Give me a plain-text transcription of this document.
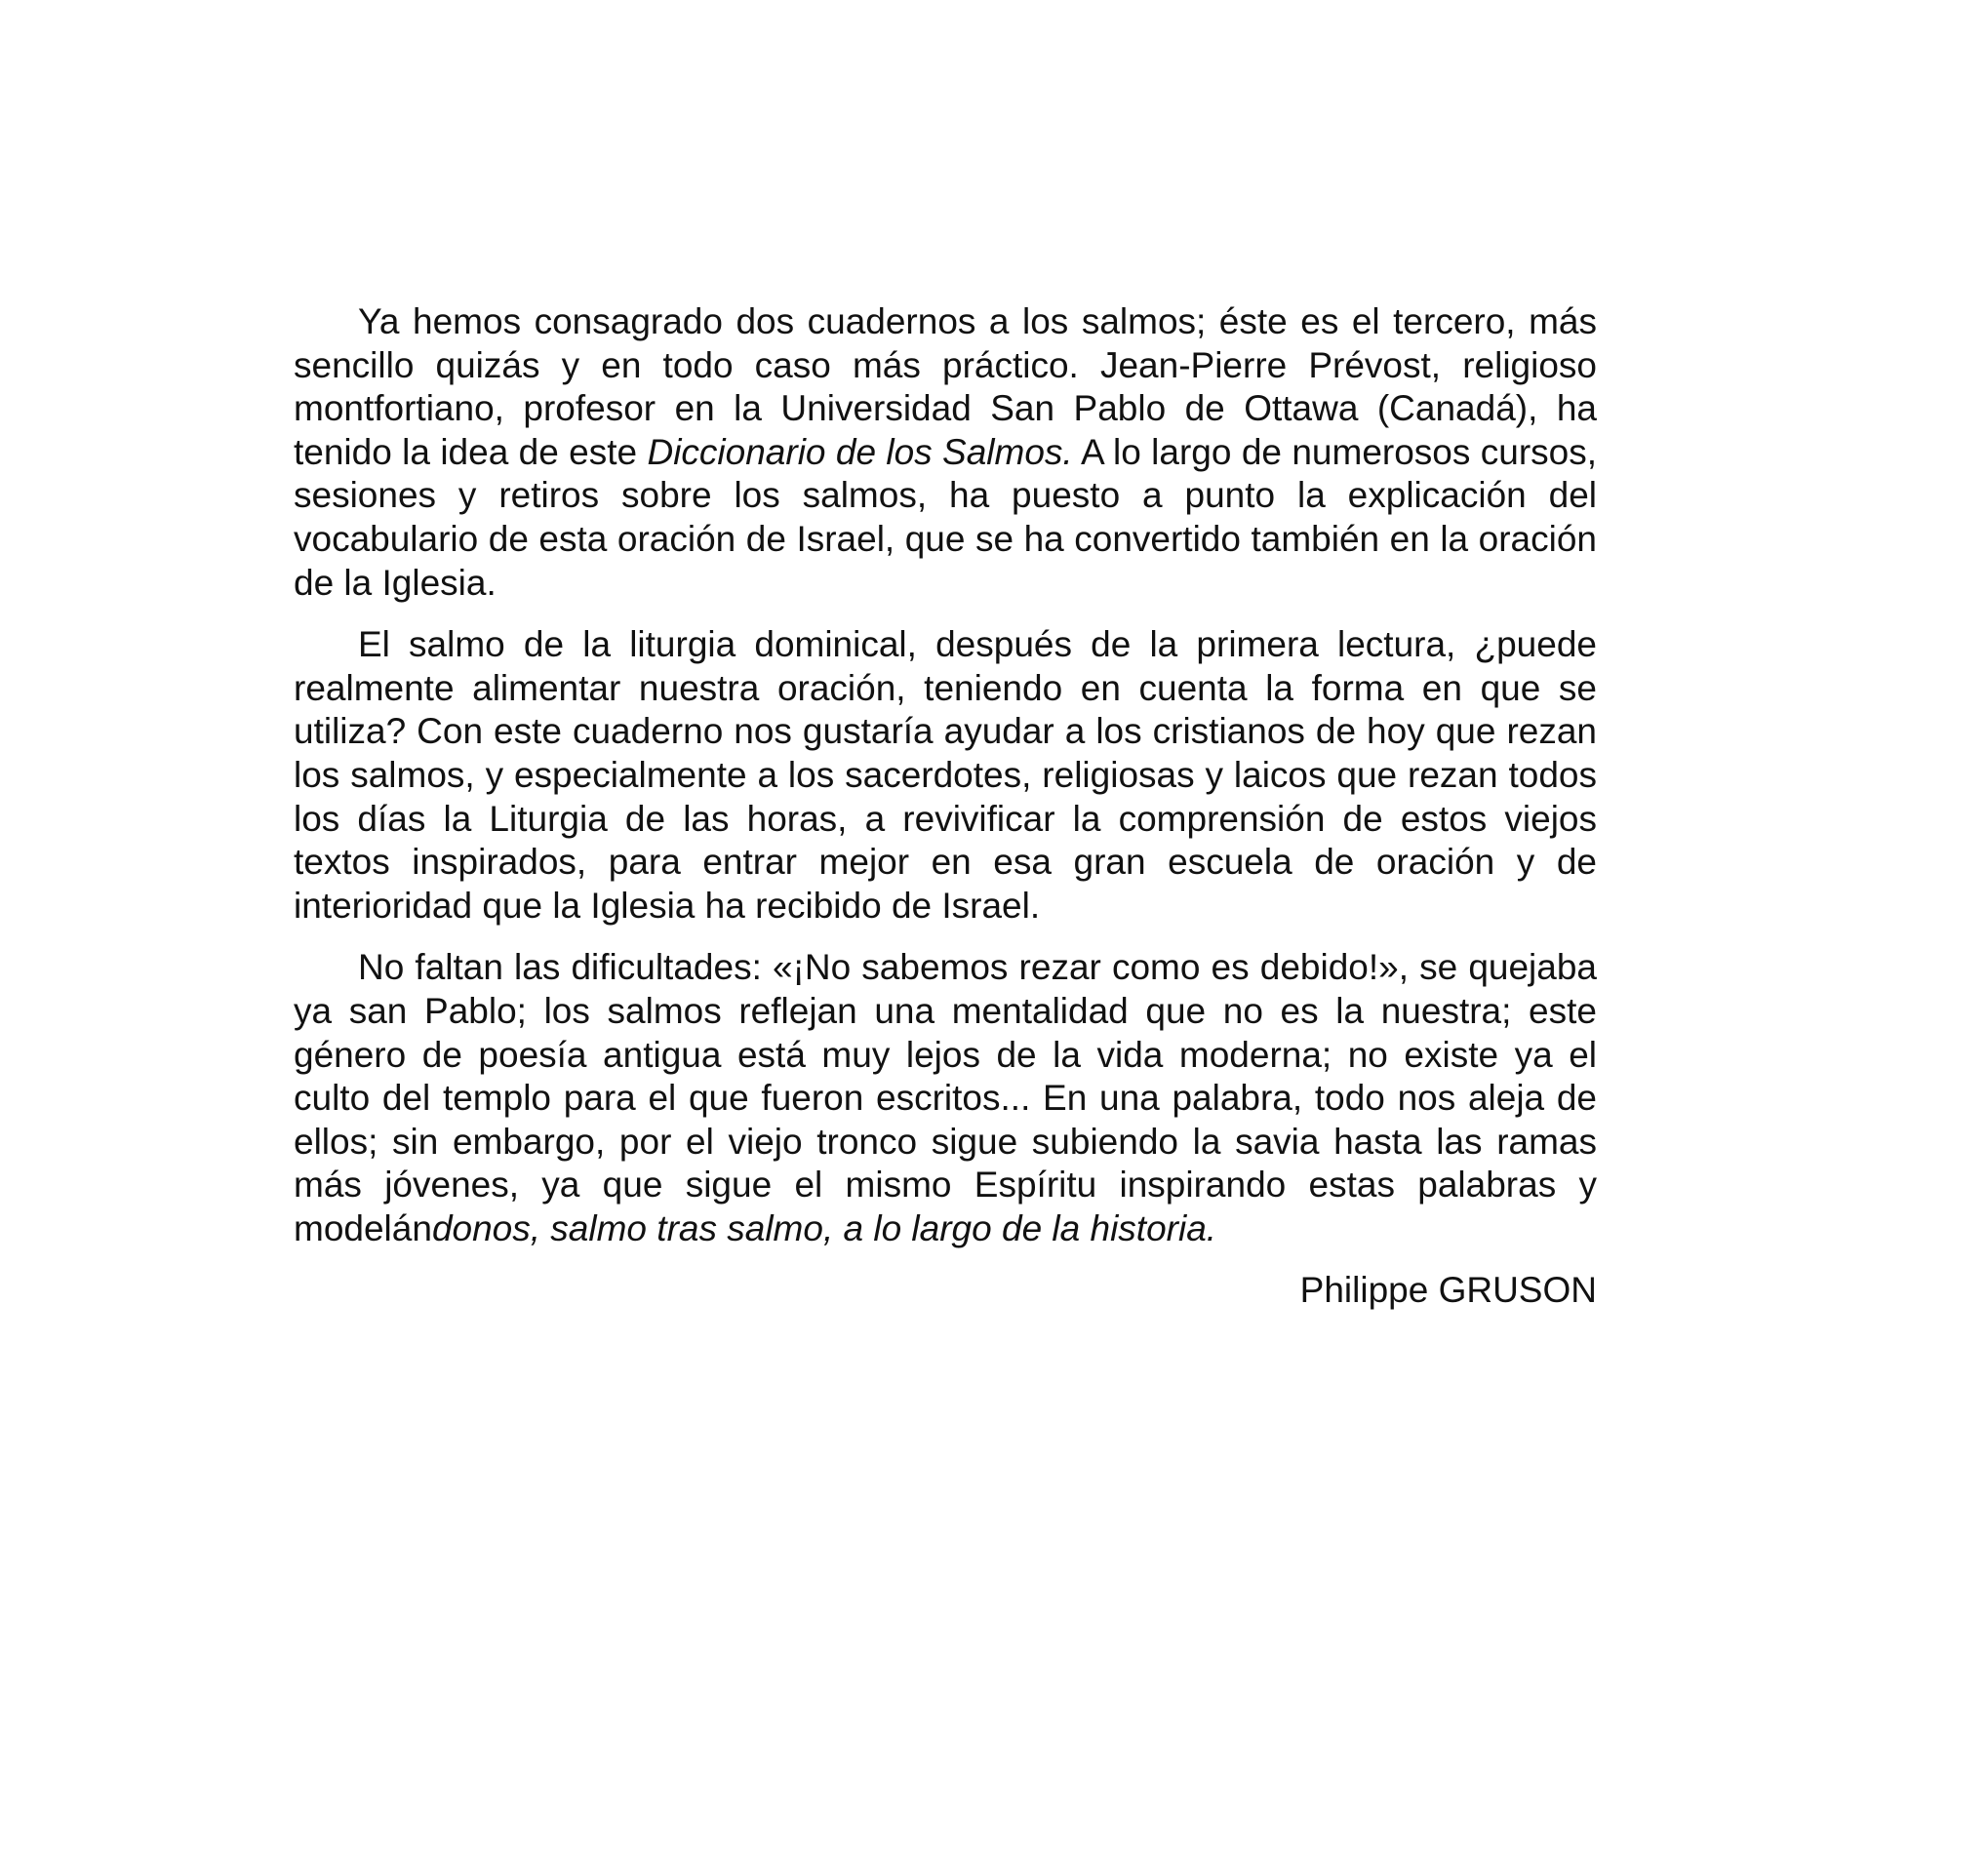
Ya hemos consagrado dos cuadernos a los salmos; éste es el tercero, más sencillo quizás y en todo caso más práctico. Jean-Pierre Prévost, religioso montfortiano, profesor en la Universidad San Pablo de Ottawa (Canadá), ha tenido la idea de este Diccionario de los Salmos. A lo largo de numerosos cursos, sesiones y retiros sobre los salmos, ha puesto a punto la explicación del vocabulario de esta oración de Israel, que se ha convertido también en la oración de la Iglesia.

El salmo de la liturgia dominical, después de la primera lectura, ¿puede realmente alimentar nuestra oración, teniendo en cuenta la forma en que se utiliza? Con este cuaderno nos gustaría ayudar a los cristianos de hoy que rezan los salmos, y especialmente a los sacerdotes, religiosas y laicos que rezan todos los días la Liturgia de las horas, a revivificar la comprensión de estos viejos textos inspirados, para entrar mejor en esa gran escuela de oración y de interioridad que la Iglesia ha recibido de Israel.

No faltan las dificultades: «¡No sabemos rezar como es debido!», se quejaba ya san Pablo; los salmos reflejan una mentalidad que no es la nuestra; este género de poesía antigua está muy lejos de la vida moderna; no existe ya el culto del templo para el que fueron escritos... En una palabra, todo nos aleja de ellos; sin embargo, por el viejo tronco sigue subiendo la savia hasta las ramas más jóvenes, ya que sigue el mismo Espíritu inspirando estas palabras y modelándonos, salmo tras salmo, a lo largo de la historia.

Philippe GRUSON
